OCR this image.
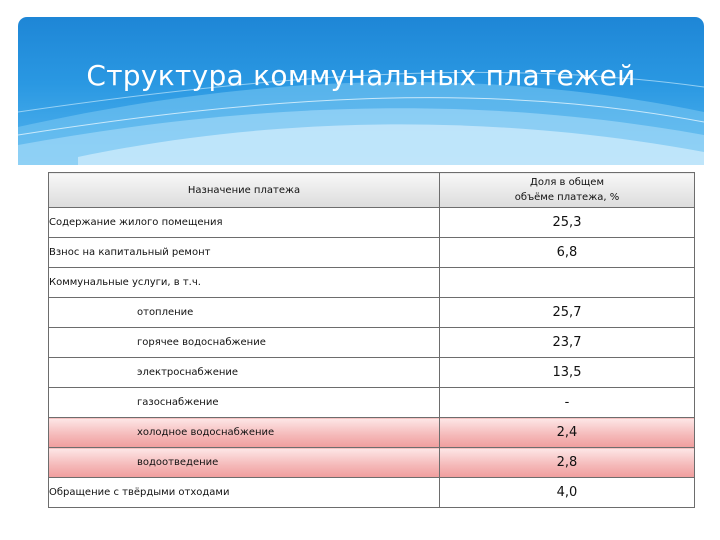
Структура коммунальных платежей
Назначение платежа	Доля в общем
объёме платежа, %
Содержание жилого помещения	25,3
Взнос на капитальный ремонт	6,8
Коммунальные услуги, в т.ч.	
отопление	25,7
горячее водоснабжение	23,7
электроснабжение	13,5
газоснабжение	-
холодное водоснабжение	2,4
водоотведение	2,8
Обращение с твёрдыми отходами	4,0
